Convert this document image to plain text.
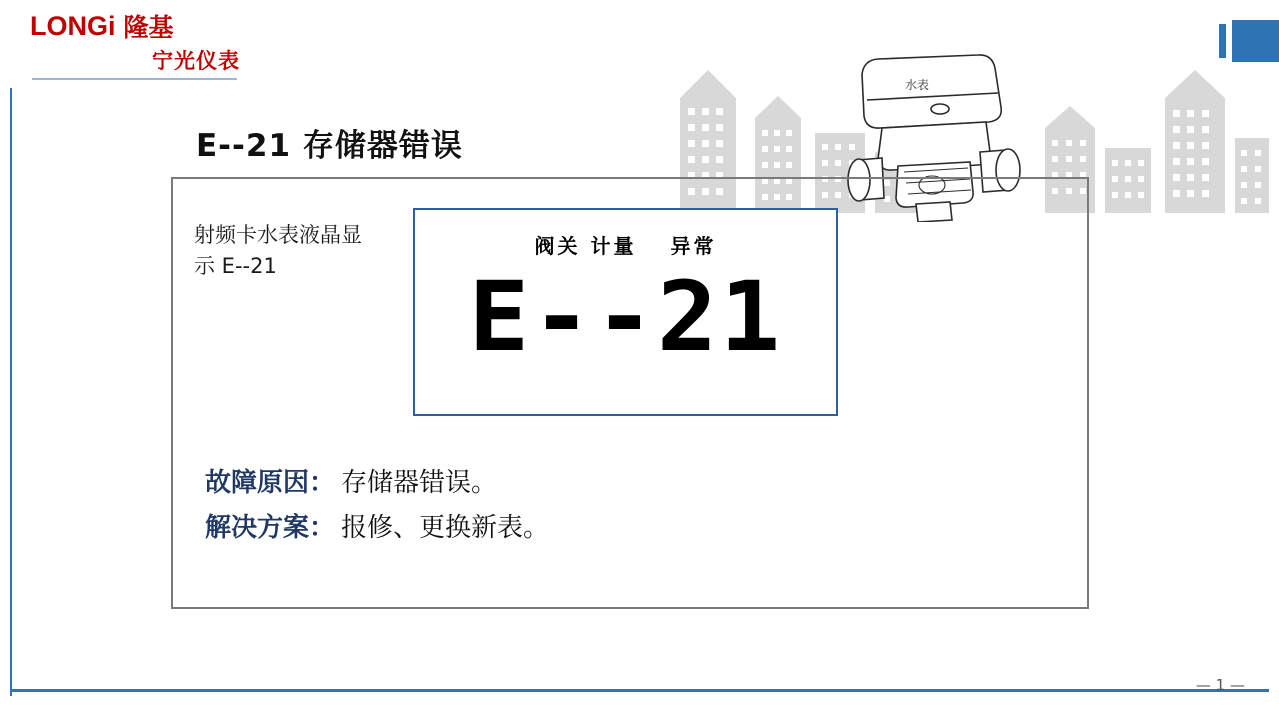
LONGi 隆基
宁光仪表
水表
E--21 存储器错误
射频卡水表液晶显示 E--21
阀关 计量 异常
E--21
故障原因： 存储器错误。
解决方案： 报修、更换新表。
— 1 —
